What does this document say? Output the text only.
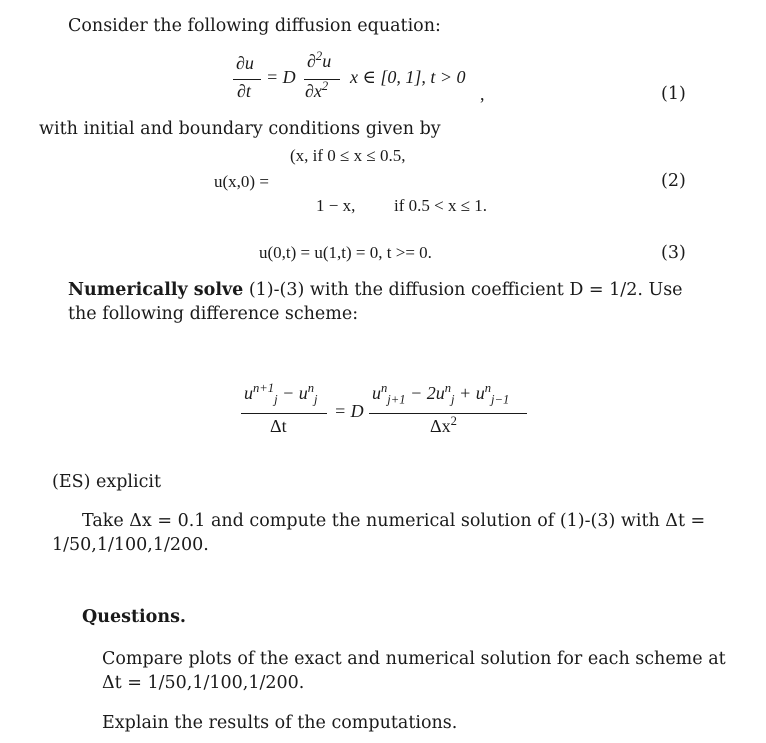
Consider the following diffusion equation:
∂u
∂t
= D
∂$^2$u
$\partial x^2$ x ∈ [0, 1], t > 0
,	(1)
with initial and boundary conditions given by
(x, if 0 ≤ x ≤ 0.5,
u(x,0) =
1 − x, if 0.5 < x ≤ 1.
(2)
u(0,t) = u(1,t) = 0, t >= 0.	(3)
Numerically solve (1)-(3) with the diffusion coefficient D = 1/2. Use
the following difference scheme:
$u^{n+1}_j - u^n_j$
Δt
= D
$u^n_{j+1} - 2u^n_j + u^n_{j-1}$
$\Delta x^2$
(ES) explicit
Take Δx = 0.1 and compute the numerical solution of (1)-(3) with Δt =
1/50,1/100,1/200.
Questions.
Compare plots of the exact and numerical solution for each scheme at
Δt = 1/50,1/100,1/200.
Explain the results of the computations.
